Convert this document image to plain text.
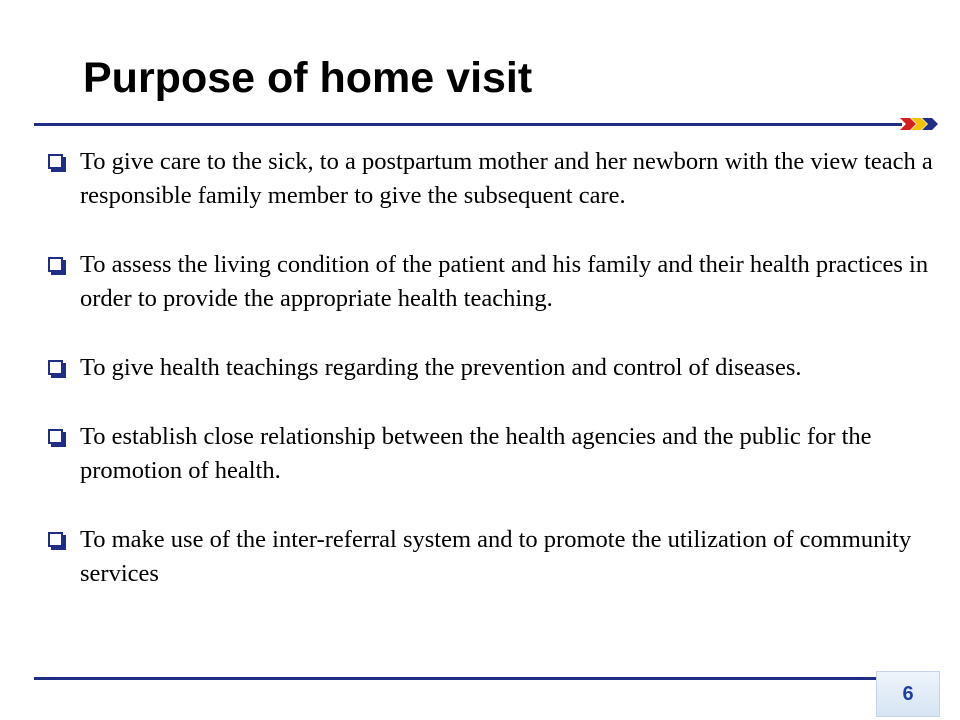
Purpose of home visit
To give care to the sick, to a postpartum mother and her newborn with the view teach a responsible family member to give the subsequent care.
To assess the living condition of the patient and his family and their health practices in order to provide the appropriate health teaching.
To give health teachings regarding the prevention and control of diseases.
To establish close relationship between the health agencies and the public for the promotion of health.
To make use of the inter-referral system and to promote the utilization of community services
6
